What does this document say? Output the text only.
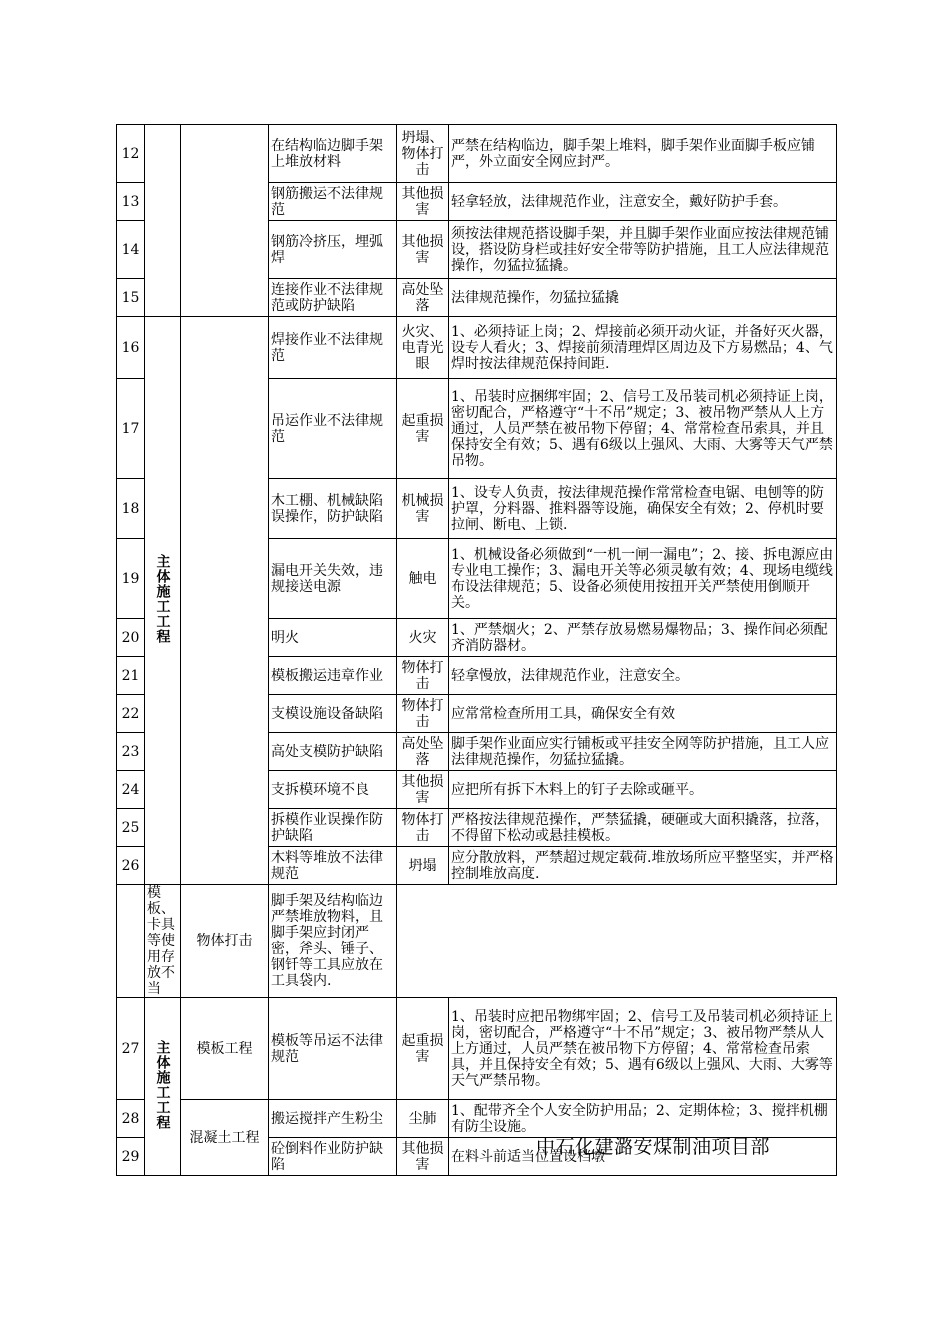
12			在结构临边脚手架上堆放材料	坍塌、物体打击	严禁在结构临边，脚手架上堆料，脚手架作业面脚手板应铺严，外立面安全网应封严。
13			钢筋搬运不法律规范	其他损害	轻拿轻放，法律规范作业，注意安全，戴好防护手套。
14			钢筋冷挤压，埋弧焊	其他损害	须按法律规范搭设脚手架，并且脚手架作业面应按法律规范铺设，搭设防身栏或挂好安全带等防护措施，且工人应法律规范操作，勿猛拉猛撬。
15			连接作业不法律规范或防护缺陷	高处坠落	法律规范操作，勿猛拉猛撬
16	主体施工工程		焊接作业不法律规范	火灾、电青光眼	1、必须持证上岗；2、焊接前必须开动火证，并备好灭火器，设专人看火；3、焊接前须清理焊区周边及下方易燃品；4、气焊时按法律规范保持间距.
17			吊运作业不法律规范	起重损害	1、吊装时应捆绑牢固；2、信号工及吊装司机必须持证上岗，密切配合，严格遵守“十不吊”规定；3、被吊物严禁从人上方通过，人员严禁在被吊物下停留；4、常常检查吊索具，并且保持安全有效；5、遇有6级以上强风、大雨、大雾等天气严禁吊物。
18			木工棚、机械缺陷误操作，防护缺陷	机械损害	1、设专人负责，按法律规范操作常常检查电锯、电刨等的防护罩，分料器、推料器等设施，确保安全有效；2、停机时要拉闸、断电、上锁.
19			漏电开关失效，违规接送电源	触电	1、机械设备必须做到“一机一闸一漏电”；2、接、拆电源应由专业电工操作；3、漏电开关等必须灵敏有效；4、现场电缆线布设法律规范；5、设备必须使用按扭开关严禁使用倒顺开关。
20			明火	火灾	1、严禁烟火；2、严禁存放易燃易爆物品；3、操作间必须配齐消防器材。
21			模板搬运违章作业	物体打击	轻拿慢放，法律规范作业，注意安全。
22			支模设施设备缺陷	物体打击	应常常检查所用工具，确保安全有效
23			高处支模防护缺陷	高处坠落	脚手架作业面应实行铺板或平挂安全网等防护措施，且工人应法律规范操作，勿猛拉猛撬。
24			支拆模环境不良	其他损害	应把所有拆下木料上的钉子去除或砸平。
25			拆模作业误操作防护缺陷	物体打击	严格按法律规范操作，严禁猛撬，硬砸或大面积撬落，拉落，不得留下松动或悬挂模板。
26			木料等堆放不法律规范	坍塌	应分散放料，严禁超过规定载荷.堆放场所应平整坚实，并严格控制堆放高度.
	模板、卡具等使用存放不当	物体打击	脚手架及结构临边严禁堆放物料，且脚手架应封闭严密，斧头、锤子、钢钎等工具应放在工具袋内.		
27	主体施工工程	模板工程	模板等吊运不法律规范	起重损害	1、吊装时应把吊物绑牢固；2、信号工及吊装司机必须持证上岗，密切配合，严格遵守“十不吊”规定；3、被吊物严禁从人上方通过，人员严禁在被吊物下方停留；4、常常检查吊索具，并且保持安全有效；5、遇有6级以上强风、大雨、大雾等天气严禁吊物。
28		混凝土工程	搬运搅拌产生粉尘	尘肺	1、配带齐全个人安全防护用品；2、定期体检；3、搅拌机棚有防尘设施。
29			砼倒料作业防护缺陷	其他损害	在料斗前适当位置设档墩
中石化建潞安煤制油项目部
